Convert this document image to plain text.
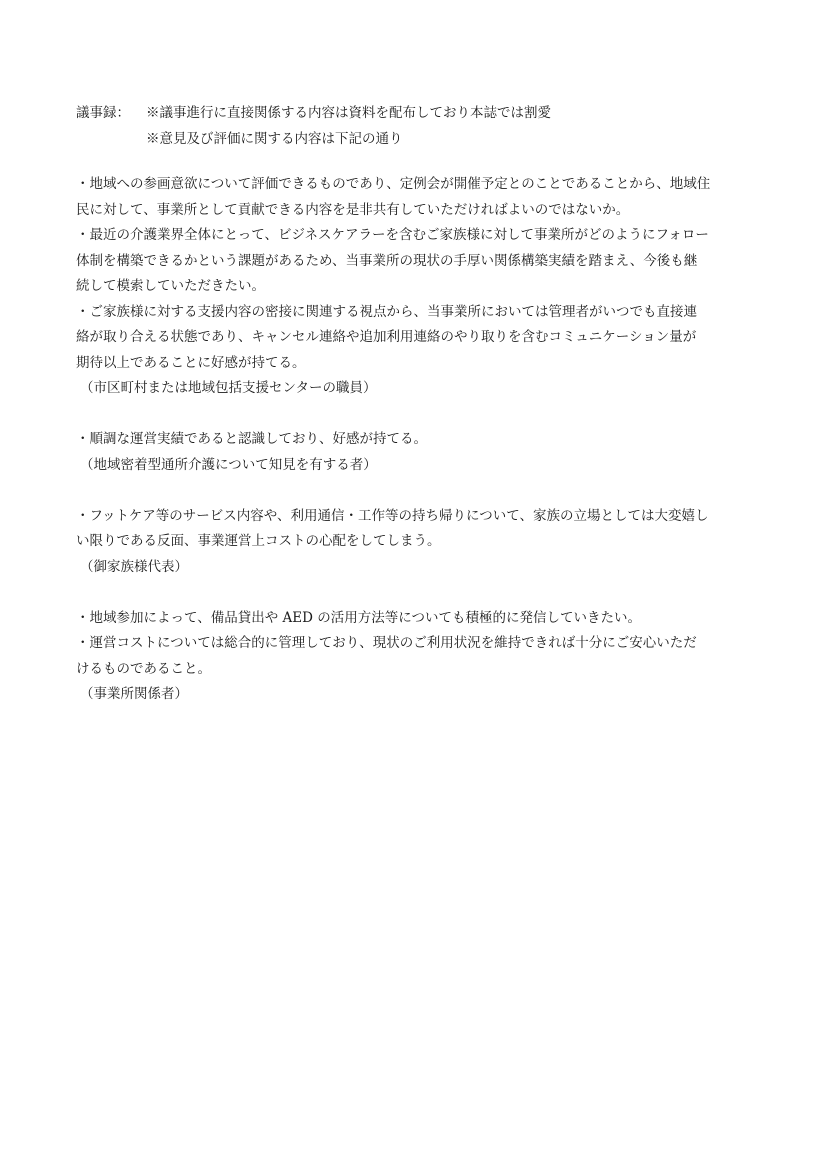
議事録：	※議事進行に直接関係する内容は資料を配布しており本誌では割愛
※意見及び評価に関する内容は下記の通り
・地域への参画意欲について評価できるものであり、定例会が開催予定とのことであることから、地域住
民に対して、事業所として貢献できる内容を是非共有していただければよいのではないか。
・最近の介護業界全体にとって、ビジネスケアラーを含むご家族様に対して事業所がどのようにフォロー
体制を構築できるかという課題があるため、当事業所の現状の手厚い関係構築実績を踏まえ、今後も継
続して模索していただきたい。
・ご家族様に対する支援内容の密接に関連する視点から、当事業所においては管理者がいつでも直接連
絡が取り合える状態であり、キャンセル連絡や追加利用連絡のやり取りを含むコミュニケーション量が
期待以上であることに好感が持てる。
（市区町村または地域包括支援センターの職員）
・順調な運営実績であると認識しており、好感が持てる。
（地域密着型通所介護について知見を有する者）
・フットケア等のサービス内容や、利用通信・工作等の持ち帰りについて、家族の立場としては大変嬉し
い限りである反面、事業運営上コストの心配をしてしまう。
（御家族様代表）
・地域参加によって、備品貸出や AED の活用方法等についても積極的に発信していきたい。
・運営コストについては総合的に管理しており、現状のご利用状況を維持できれば十分にご安心いただ
けるものであること。
（事業所関係者）
